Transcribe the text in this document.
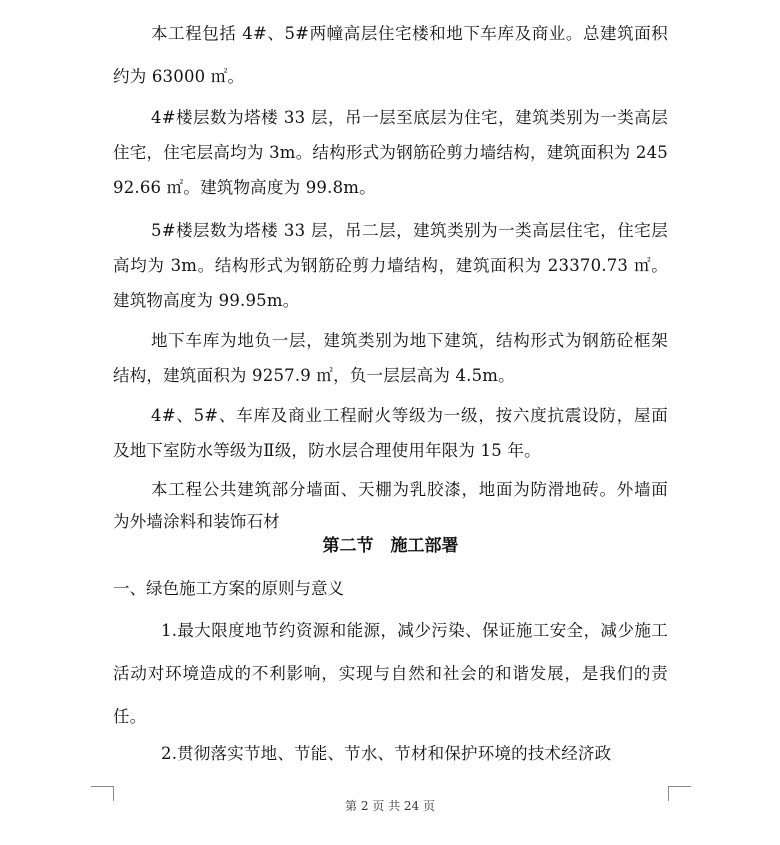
本工程包括 4#、5#两幢高层住宅楼和地下车库及商业。总建筑面积约为 63000 ㎡。

4#楼层数为塔楼 33 层，吊一层至底层为住宅，建筑类别为一类高层住宅，住宅层高均为 3m。结构形式为钢筋砼剪力墙结构，建筑面积为 24592.66 ㎡。建筑物高度为 99.8m。

5#楼层数为塔楼 33 层，吊二层，建筑类别为一类高层住宅，住宅层高均为 3m。结构形式为钢筋砼剪力墙结构，建筑面积为 23370.73 ㎡。建筑物高度为 99.95m。

地下车库为地负一层，建筑类别为地下建筑，结构形式为钢筋砼框架结构，建筑面积为 9257.9 ㎡，负一层层高为 4.5m。

4#、5#、车库及商业工程耐火等级为一级，按六度抗震设防，屋面及地下室防水等级为Ⅱ级，防水层合理使用年限为 15 年。

本工程公共建筑部分墙面、天棚为乳胶漆，地面为防滑地砖。外墙面为外墙涂料和装饰石材

第二节　施工部署
一、绿色施工方案的原则与意义

1.最大限度地节约资源和能源，减少污染、保证施工安全，减少施工活动对环境造成的不利影响，实现与自然和社会的和谐发展，是我们的责任。

2.贯彻落实节地、节能、节水、节材和保护环境的技术经济政

第 2 页 共 24 页
